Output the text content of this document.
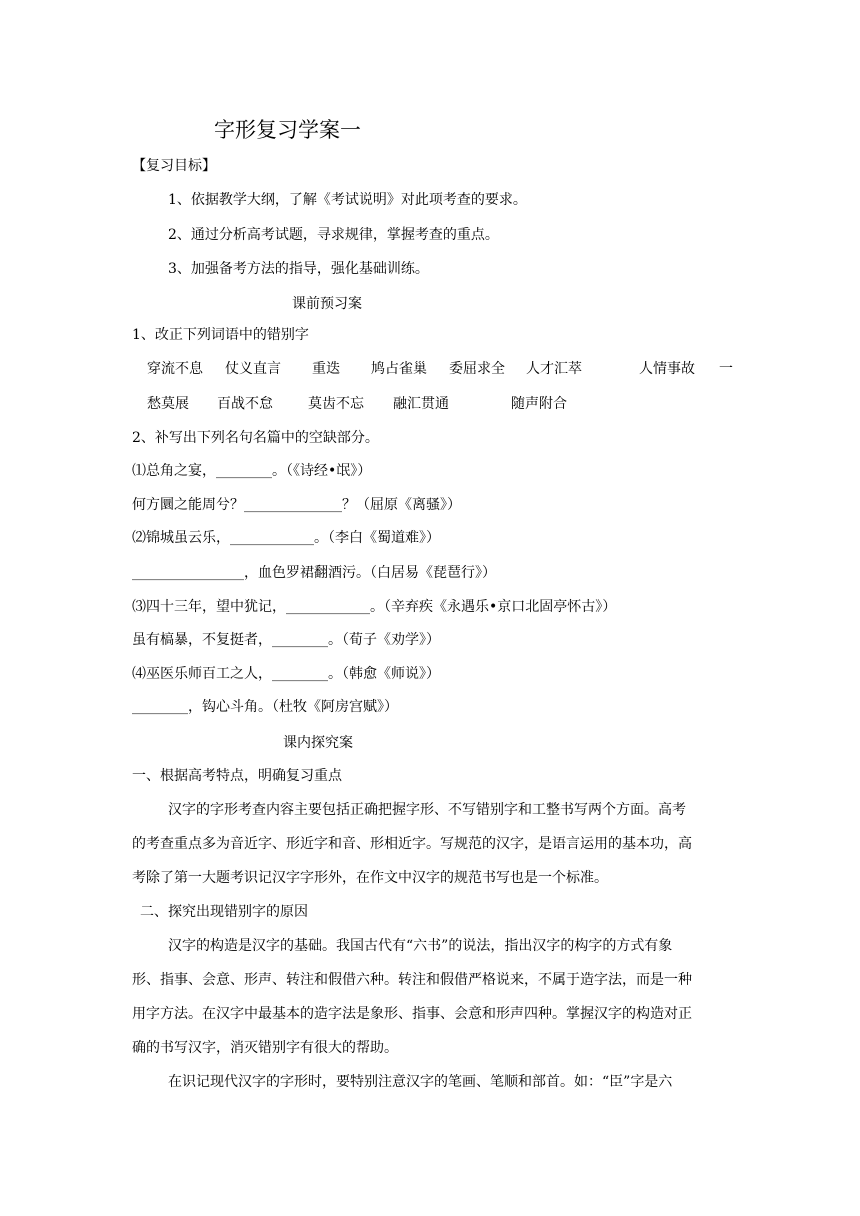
字形复习学案一
【复习目标】
1、依据教学大纲，了解《考试说明》对此项考查的要求。
2、通过分析高考试题，寻求规律，掌握考查的重点。
3、加强备考方法的指导，强化基础训练。
课前预习案
1、改正下列词语中的错别字
穿流不息 仗义直言 重迭 鸠占雀巢 委屈求全 人才汇萃	人情事故 一
愁莫展 百战不怠	莫齿不忘 融汇贯通	随声附合
2、补写出下列名句名篇中的空缺部分。
⑴总角之宴，________。（《诗经•氓》）
何方圜之能周兮？______________？（屈原《离骚》）
⑵锦城虽云乐，____________。（李白《蜀道难》）
________________，血色罗裙翻酒污。（白居易《琵琶行》）
⑶四十三年，望中犹记，____________。（辛弃疾《永遇乐•京口北固亭怀古》）
虽有槁暴，不复挺者，________。（荀子《劝学》）
⑷巫医乐师百工之人，________。（韩愈《师说》）
________，钩心斗角。（杜牧《阿房宫赋》）
课内探究案
一、根据高考特点，明确复习重点
汉字的字形考查内容主要包括正确把握字形、不写错别字和工整书写两个方面。高考
的考查重点多为音近字、形近字和音、形相近字。写规范的汉字，是语言运用的基本功，高
考除了第一大题考识记汉字字形外，在作文中汉字的规范书写也是一个标准。
二、探究出现错别字的原因
汉字的构造是汉字的基础。我国古代有“六书”的说法，指出汉字的构字的方式有象
形、指事、会意、形声、转注和假借六种。转注和假借严格说来，不属于造字法，而是一种
用字方法。在汉字中最基本的造字法是象形、指事、会意和形声四种。掌握汉字的构造对正
确的书写汉字，消灭错别字有很大的帮助。
在识记现代汉字的字形时，要特别注意汉字的笔画、笔顺和部首。如：“臣”字是六
